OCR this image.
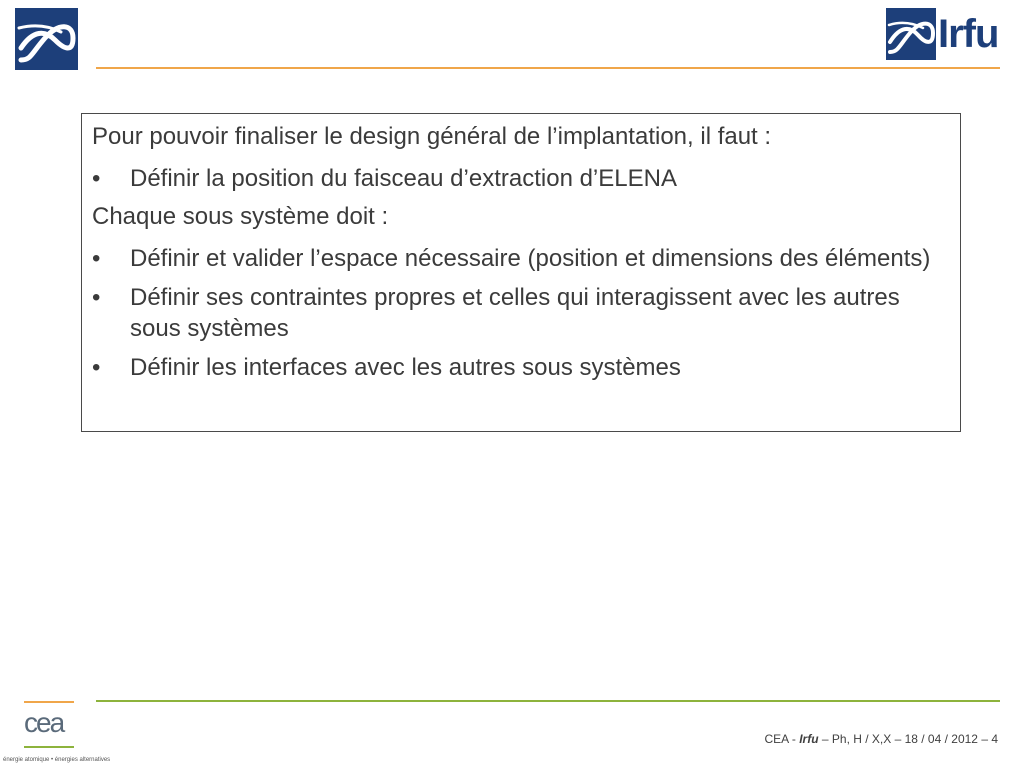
Irfu

Pour pouvoir finaliser le design général de l’implantation, il faut :

•	Définir la position du faisceau d’extraction d’ELENA

Chaque sous système doit :

•	Définir et valider l’espace nécessaire (position et dimensions des éléments)
•	Définir ses contraintes propres et celles qui interagissent avec les autres sous systèmes
•	Définir les interfaces avec les autres sous systèmes
cea
énergie atomique • énergies alternatives
CEA - Irfu – Ph, H / X,X – 18 / 04 / 2012 – 4
